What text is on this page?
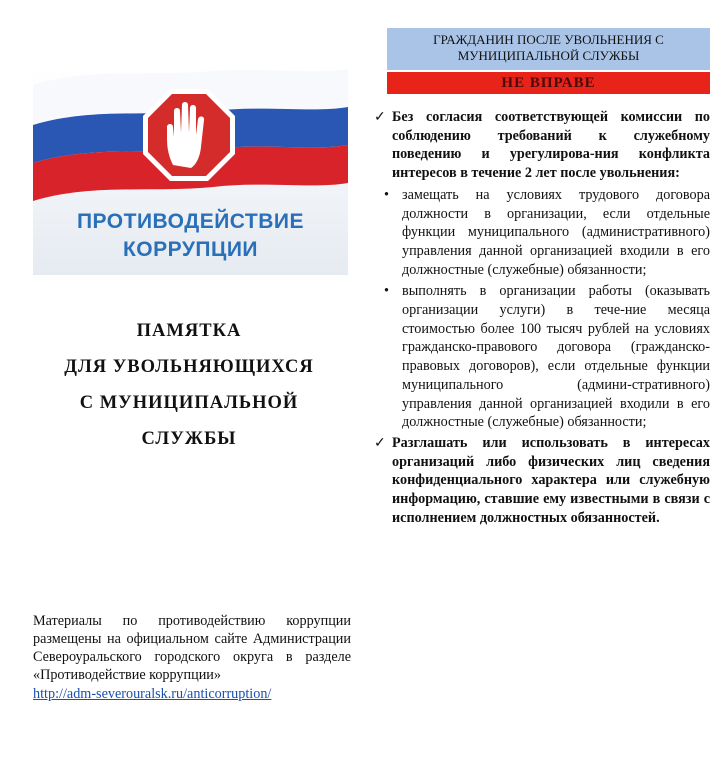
ПРОТИВОДЕЙСТВИЕ
КОРРУПЦИИ
ПАМЯТКА
ДЛЯ УВОЛЬНЯЮЩИХСЯ
С МУНИЦИПАЛЬНОЙ
СЛУЖБЫ
Материалы по противодействию коррупции размещены на официальном сайте Администрации Североуральского городского округа в разделе «Противодействие коррупции»
http://adm-severouralsk.ru/anticorruption/
ГРАЖДАНИН ПОСЛЕ УВОЛЬНЕНИЯ С
МУНИЦИПАЛЬНОЙ СЛУЖБЫ
НЕ ВПРАВЕ
✓ Без согласия соответствующей комиссии по соблюдению требований к служебному поведению и урегулирова-ния конфликта интересов в течение 2 лет после увольнения:
• замещать на условиях трудового договора должности в организации, если отдельные функции муниципального (административного) управления данной организацией входили в его должностные (служебные) обязанности;
• выполнять в организации работы (оказывать организации услуги) в тече-ние месяца стоимостью более 100 тысяч рублей на условиях гражданско-правового договора (гражданско-правовых договоров), если отдельные функции муниципального (админи-стративного) управления данной организацией входили в его должностные (служебные) обязанности;
✓ Разглашать или использовать в интересах организаций либо физических лиц сведения конфиденциального характера или служебную информацию, ставшие ему известными в связи с исполнением должностных обязанностей.
